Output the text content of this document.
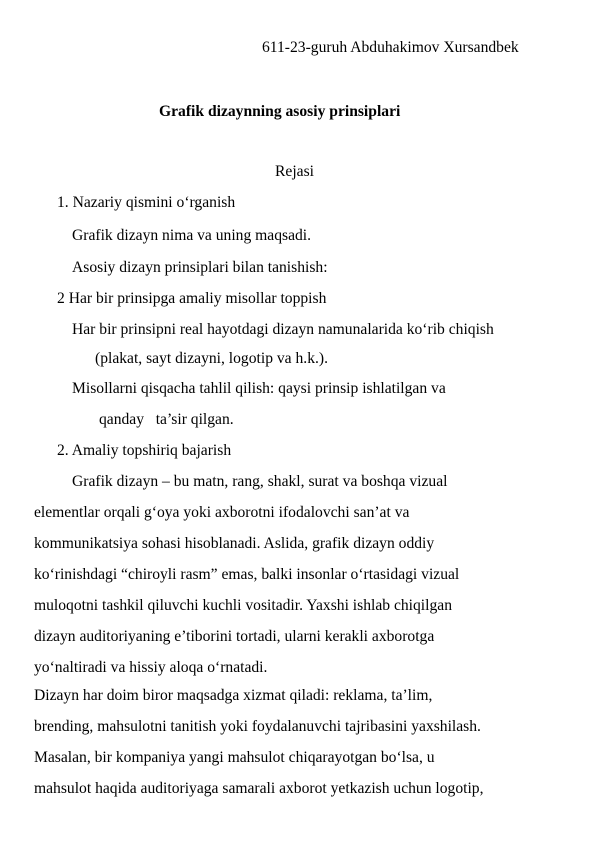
611-23-guruh Abduhakimov Xursandbek
Grafik dizaynning asosiy prinsiplari
Rejasi
1. Nazariy qismini o‘rganish
Grafik dizayn nima va uning maqsadi.
Asosiy dizayn prinsiplari bilan tanishish:
2 Har bir prinsipga amaliy misollar toppish
Har bir prinsipni real hayotdagi dizayn namunalarida ko‘rib chiqish
(plakat, sayt dizayni, logotip va h.k.).
Misollarni qisqacha tahlil qilish: qaysi prinsip ishlatilgan va
qanday   ta’sir qilgan.
2. Amaliy topshiriq bajarish
Grafik dizayn – bu matn, rang, shakl, surat va boshqa vizual
elementlar orqali g‘oya yoki axborotni ifodalovchi san’at va
kommunikatsiya sohasi hisoblanadi. Aslida, grafik dizayn oddiy
ko‘rinishdagi “chiroyli rasm” emas, balki insonlar o‘rtasidagi vizual
muloqotni tashkil qiluvchi kuchli vositadir. Yaxshi ishlab chiqilgan
dizayn auditoriyaning e’tiborini tortadi, ularni kerakli axborotga
yo‘naltiradi va hissiy aloqa o‘rnatadi.
Dizayn har doim biror maqsadga xizmat qiladi: reklama, ta’lim,
brending, mahsulotni tanitish yoki foydalanuvchi tajribasini yaxshilash.
Masalan, bir kompaniya yangi mahsulot chiqarayotgan bo‘lsa, u
mahsulot haqida auditoriyaga samarali axborot yetkazish uchun logotip,
